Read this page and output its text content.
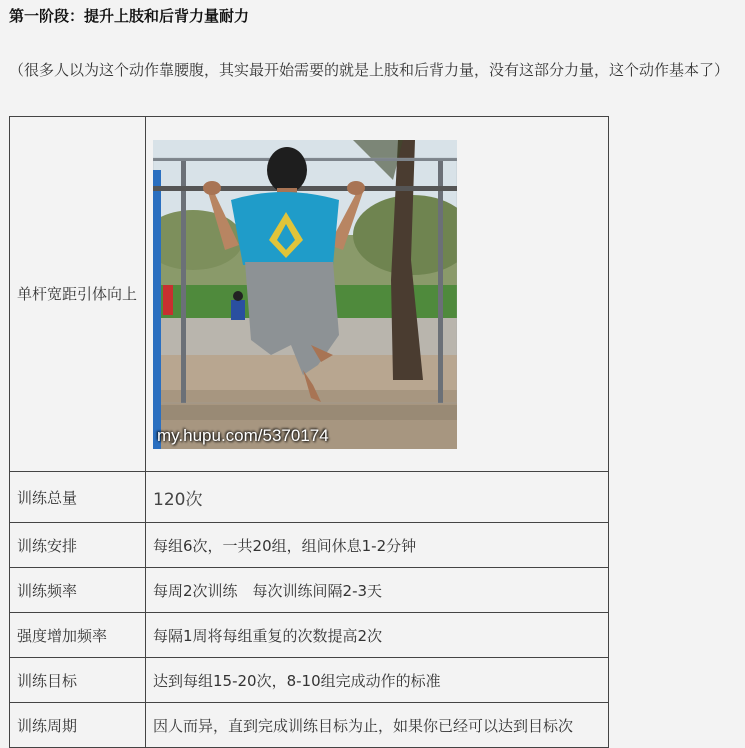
第一阶段：提升上肢和后背力量耐力
（很多人以为这个动作靠腰腹，其实最开始需要的就是上肢和后背力量，没有这部分力量，这个动作基本了）
单杆宽距引体向上	my.hupu.com/5370174

训练总量	120次
训练安排	每组6次，一共20组，组间休息1-2分钟
训练频率	每周2次训练　每次训练间隔2-3天
强度增加频率	每隔1周将每组重复的次数提高2次
训练目标	达到每组15-20次，8-10组完成动作的标准
训练周期	因人而异，直到完成训练目标为止，如果你已经可以达到目标次
